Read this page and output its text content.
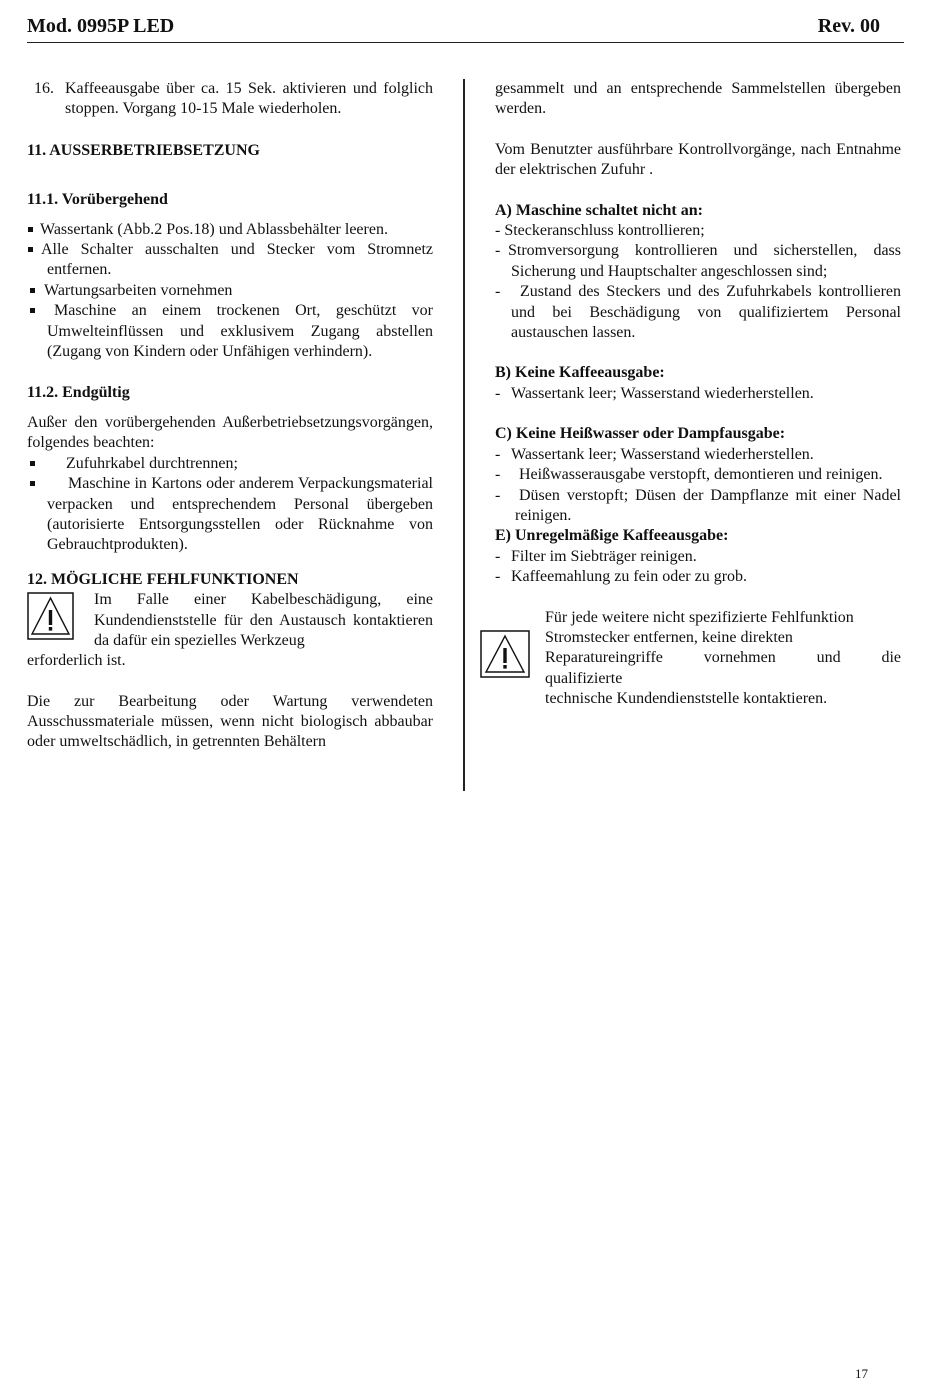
Mod. 0995P LED	Rev. 00
16. Kaffeeausgabe über ca. 15 Sek. aktivieren und folglich stoppen. Vorgang 10-15 Male wiederholen.

11. AUSSERBETRIEBSETZUNG

11.1. Vorübergehend

Wassertank (Abb.2 Pos.18) und Ablassbehälter leeren.
Alle Schalter ausschalten und Stecker vom Stromnetz entfernen.
Wartungsarbeiten vornehmen
Maschine an einem trockenen Ort, geschützt vor Umwelteinflüssen und exklusivem Zugang abstellen (Zugang von Kindern oder Unfähigen verhindern).

11.2. Endgültig

Außer den vorübergehenden Außerbetriebsetzungsvorgängen, folgendes beachten:

Zufuhrkabel durchtrennen;
Maschine in Kartons oder anderem Verpackungsmaterial verpacken und entsprechendem Personal übergeben (autorisierte Entsorgungsstellen oder Rücknahme von Gebrauchtprodukten).

12. MÖGLICHE FEHLFUNKTIONEN

Im Falle einer Kabelbeschädigung, eine Kundendienststelle für den Austausch kontaktieren da dafür ein spezielles Werkzeug

erforderlich ist.

Die zur Bearbeitung oder Wartung verwendeten Ausschussmateriale müssen, wenn nicht biologisch abbaubar oder umweltschädlich, in getrennten Behältern

gesammelt und an entsprechende Sammelstellen übergeben werden.

Vom Benutzter ausführbare Kontrollvorgänge, nach Entnahme der elektrischen Zufuhr .

A) Maschine schaltet nicht an:

- Steckeranschluss kontrollieren;

- Stromversorgung kontrollieren und sicherstellen, dass Sicherung und Hauptschalter angeschlossen sind;
-	Zustand des Steckers und des Zufuhrkabels kontrollieren und bei Beschädigung von qualifiziertem Personal austauschen lassen.

B) Keine Kaffeeausgabe:

- Wassertank leer; Wasserstand wiederherstellen.

C) Keine Heißwasser oder Dampfausgabe:

- Wassertank leer; Wasserstand wiederherstellen.
- Heißwasserausgabe verstopft, demontieren und reinigen.
- Düsen verstopft; Düsen der Dampflanze mit einer Nadel reinigen.

E) Unregelmäßige Kaffeeausgabe:

- Filter im Siebträger reinigen.
- Kaffeemahlung zu fein oder zu grob.

Für jede weitere nicht spezifizierte Fehlfunktion

Stromstecker entfernen, keine direkten

Reparatureingriffe vornehmen und die

qualifizierte

technische Kundendienststelle kontaktieren.

17
